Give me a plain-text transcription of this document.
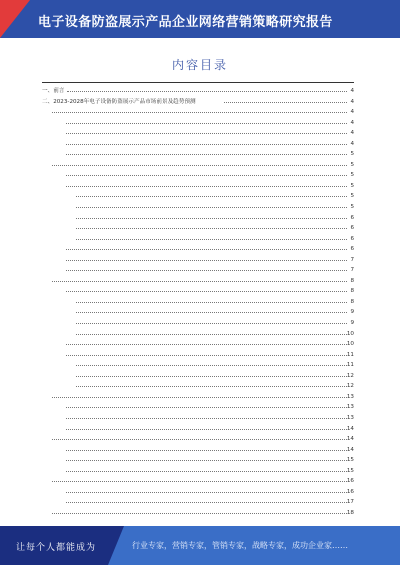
电子设备防盗展示产品企业网络营销策略研究报告
内容目录
一、前言	4
二、2023-2028年电子设备防盗展示产品市场前景及趋势预测	4
4
4
4
4
5
5
5
5
5
5
6
6
6
6
7
7
8
8
8
9
9
10
10
11
11
12
12
13
13
13
14
14
14
15
15
16
16
17
18
让每个人都能成为	行业专家，营销专家，管销专家，战略专家，成功企业家……
